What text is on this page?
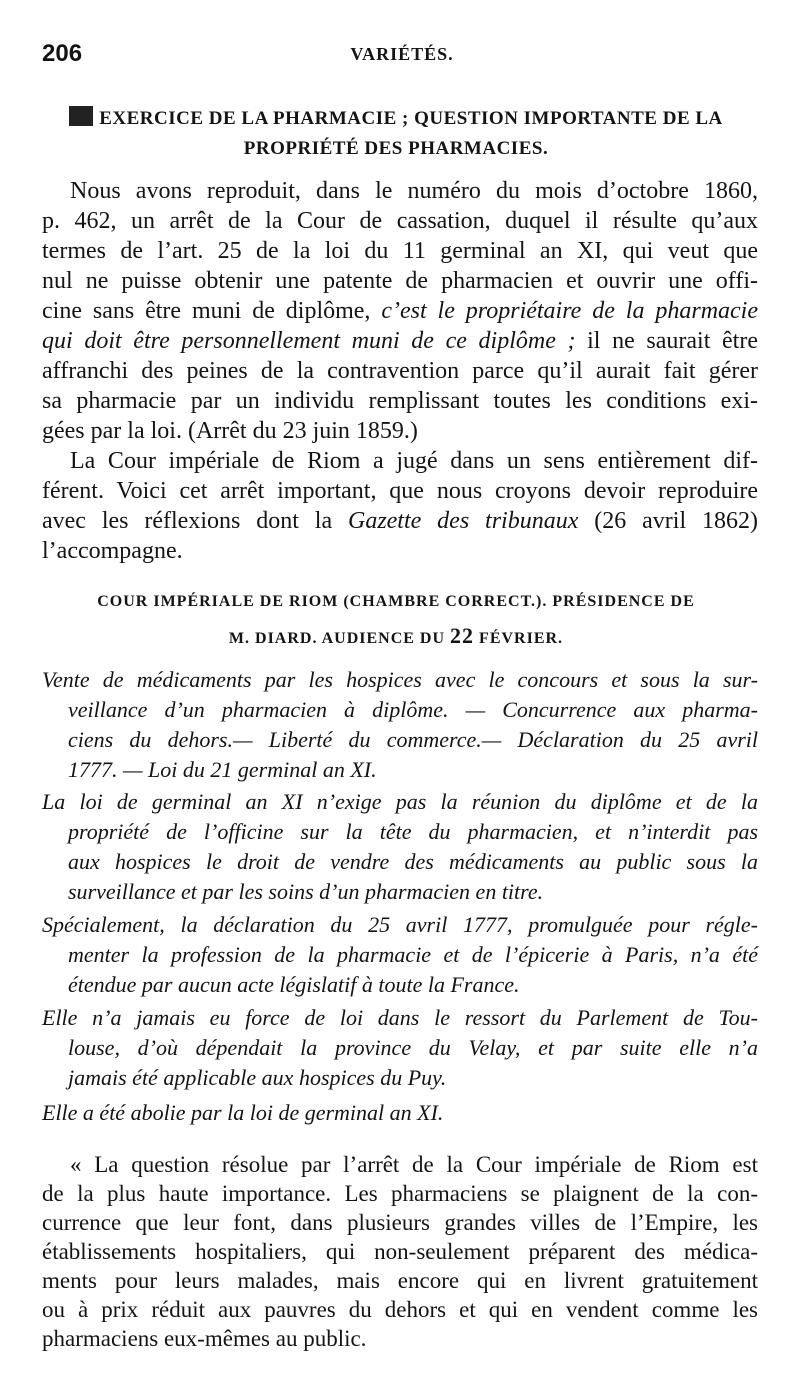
206	VARIÉTÉS.
EXERCICE DE LA PHARMACIE ; QUESTION IMPORTANTE DE LA
PROPRIÉTÉ DES PHARMACIES.
Nous avons reproduit, dans le numéro du mois d’octobre 1860,
p. 462, un arrêt de la Cour de cassation, duquel il résulte qu’aux
termes de l’art. 25 de la loi du 11 germinal an XI, qui veut que
nul ne puisse obtenir une patente de pharmacien et ouvrir une offi-
cine sans être muni de diplôme, c’est le propriétaire de la pharmacie
qui doit être personnellement muni de ce diplôme ; il ne saurait être
affranchi des peines de la contravention parce qu’il aurait fait gérer
sa pharmacie par un individu remplissant toutes les conditions exi-
gées par la loi. (Arrêt du 23 juin 1859.)
La Cour impériale de Riom a jugé dans un sens entièrement dif-
férent. Voici cet arrêt important, que nous croyons devoir reproduire
avec les réflexions dont la Gazette des tribunaux (26 avril 1862)
l’accompagne.
COUR IMPÉRIALE DE RIOM (CHAMBRE CORRECT.). PRÉSIDENCE DE
M. DIARD. AUDIENCE DU 22 FÉVRIER.
Vente de médicaments par les hospices avec le concours et sous la sur-
veillance d’un pharmacien à diplôme. — Concurrence aux pharma-
ciens du dehors.— Liberté du commerce.— Déclaration du 25 avril
1777. — Loi du 21 germinal an XI.
La loi de germinal an XI n’exige pas la réunion du diplôme et de la
propriété de l’officine sur la tête du pharmacien, et n’interdit pas
aux hospices le droit de vendre des médicaments au public sous la
surveillance et par les soins d’un pharmacien en titre.
Spécialement, la déclaration du 25 avril 1777, promulguée pour régle-
menter la profession de la pharmacie et de l’épicerie à Paris, n’a été
étendue par aucun acte législatif à toute la France.
Elle n’a jamais eu force de loi dans le ressort du Parlement de Tou-
louse, d’où dépendait la province du Velay, et par suite elle n’a
jamais été applicable aux hospices du Puy.
Elle a été abolie par la loi de germinal an XI.
« La question résolue par l’arrêt de la Cour impériale de Riom est
de la plus haute importance. Les pharmaciens se plaignent de la con-
currence que leur font, dans plusieurs grandes villes de l’Empire, les
établissements hospitaliers, qui non-seulement préparent des médica-
ments pour leurs malades, mais encore qui en livrent gratuitement
ou à prix réduit aux pauvres du dehors et qui en vendent comme les
pharmaciens eux-mêmes au public.
